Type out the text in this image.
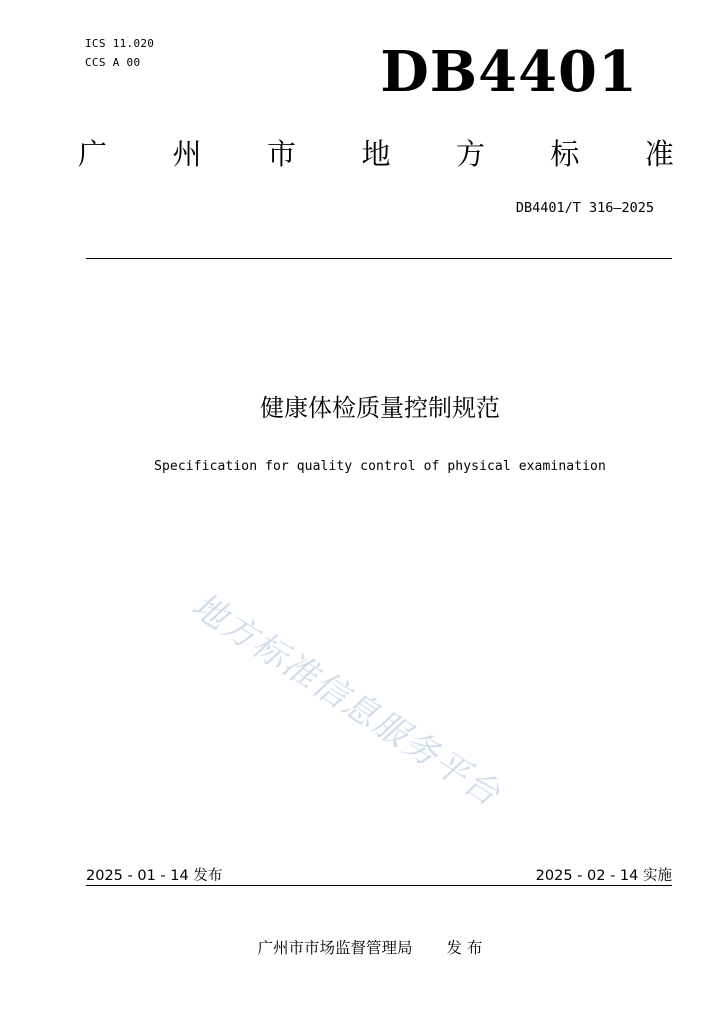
ICS 11.020
CCS A 00	DB4401
广 州 市 地 方 标 准
DB4401/T 316—2025
健康体检质量控制规范
Specification for quality control of physical examination
地方标准信息服务平台
2025 - 01 - 14 发布	2025 - 02 - 14 实施
广州市市场监督管理局 发 布
